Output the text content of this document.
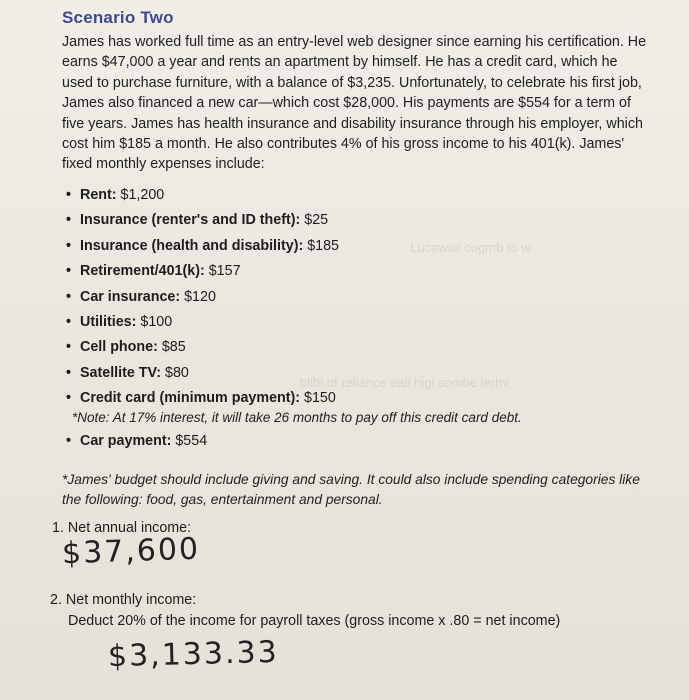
Lucawail cogmb to w
bllbi of reliance eall higi sombe lerhv
Scenario Two
James has worked full time as an entry-level web designer since earning his certification. He earns $47,000 a year and rents an apartment by himself. He has a credit card, which he used to purchase furniture, with a balance of $3,235. Unfortunately, to celebrate his first job, James also financed a new car—which cost $28,000. His payments are $554 for a term of five years. James has health insurance and disability insurance through his employer, which cost him $185 a month. He also contributes 4% of his gross income to his 401(k). James' fixed monthly expenses include:
• Rent: $1,200
• Insurance (renter's and ID theft): $25
• Insurance (health and disability): $185
• Retirement/401(k): $157
• Car insurance: $120
• Utilities: $100
• Cell phone: $85
• Satellite TV: $80
• Credit card (minimum payment): $150
*Note: At 17% interest, it will take 26 months to pay off this credit card debt.
• Car payment: $554
*James' budget should include giving and saving. It could also include spending categories like the following: food, gas, entertainment and personal.
1. Net annual income:
$37,600
2. Net monthly income:
Deduct 20% of the income for payroll taxes (gross income x .80 = net income)
$3,133.33
